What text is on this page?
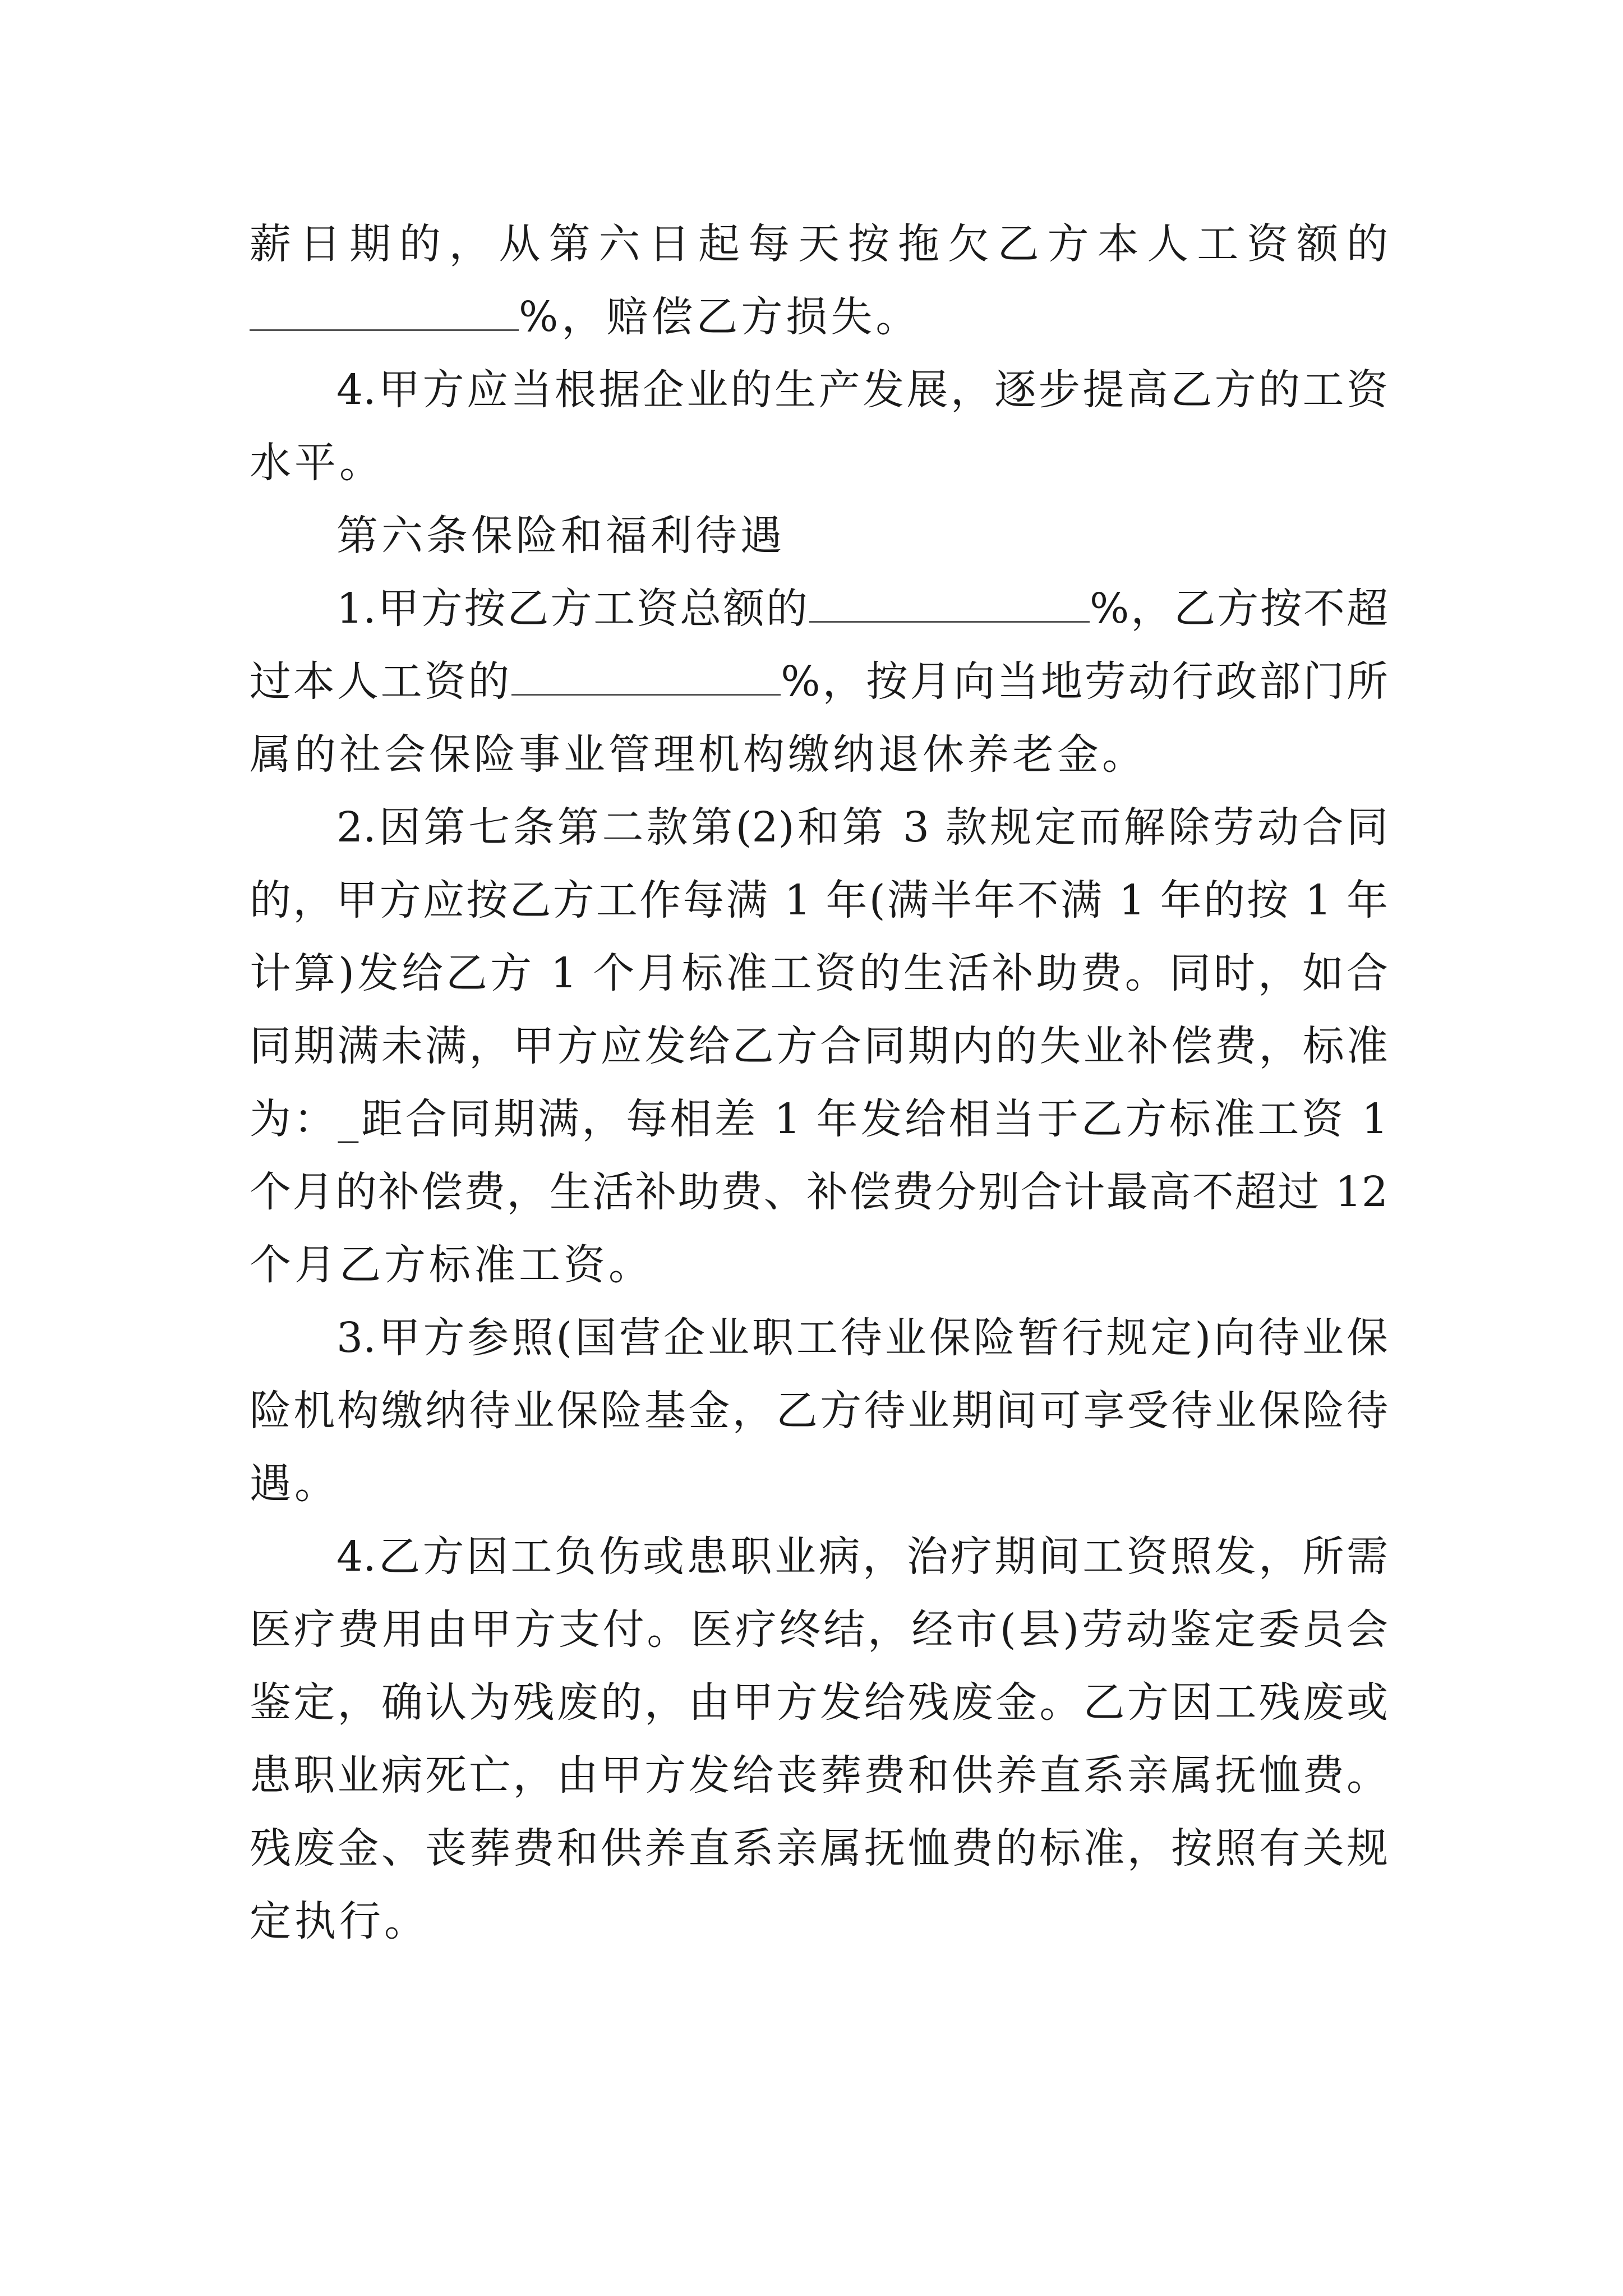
薪日期的，从第六日起每天按拖欠乙方本人工资额的
%，赔偿乙方损失。
4.甲方应当根据企业的生产发展，逐步提高乙方的工资
水平。
第六条保险和福利待遇
1.甲方按乙方工资总额的	%，乙方按不超
过本人工资的	%，按月向当地劳动行政部门所
属的社会保险事业管理机构缴纳退休养老金。
2.因第七条第二款第(2)和第 3 款规定而解除劳动合同
的，甲方应按乙方工作每满 1 年(满半年不满 1 年的按 1 年
计算)发给乙方 1 个月标准工资的生活补助费。同时，如合
同期满未满，甲方应发给乙方合同期内的失业补偿费，标准
为：_距合同期满，每相差 1 年发给相当于乙方标准工资 1
个月的补偿费，生活补助费、补偿费分别合计最高不超过 12
个月乙方标准工资。
3.甲方参照(国营企业职工待业保险暂行规定)向待业保
险机构缴纳待业保险基金，乙方待业期间可享受待业保险待
遇。
4.乙方因工负伤或患职业病，治疗期间工资照发，所需
医疗费用由甲方支付。医疗终结，经市(县)劳动鉴定委员会
鉴定，确认为残废的，由甲方发给残废金。乙方因工残废或
患职业病死亡，由甲方发给丧葬费和供养直系亲属抚恤费。
残废金、丧葬费和供养直系亲属抚恤费的标准，按照有关规
定执行。
